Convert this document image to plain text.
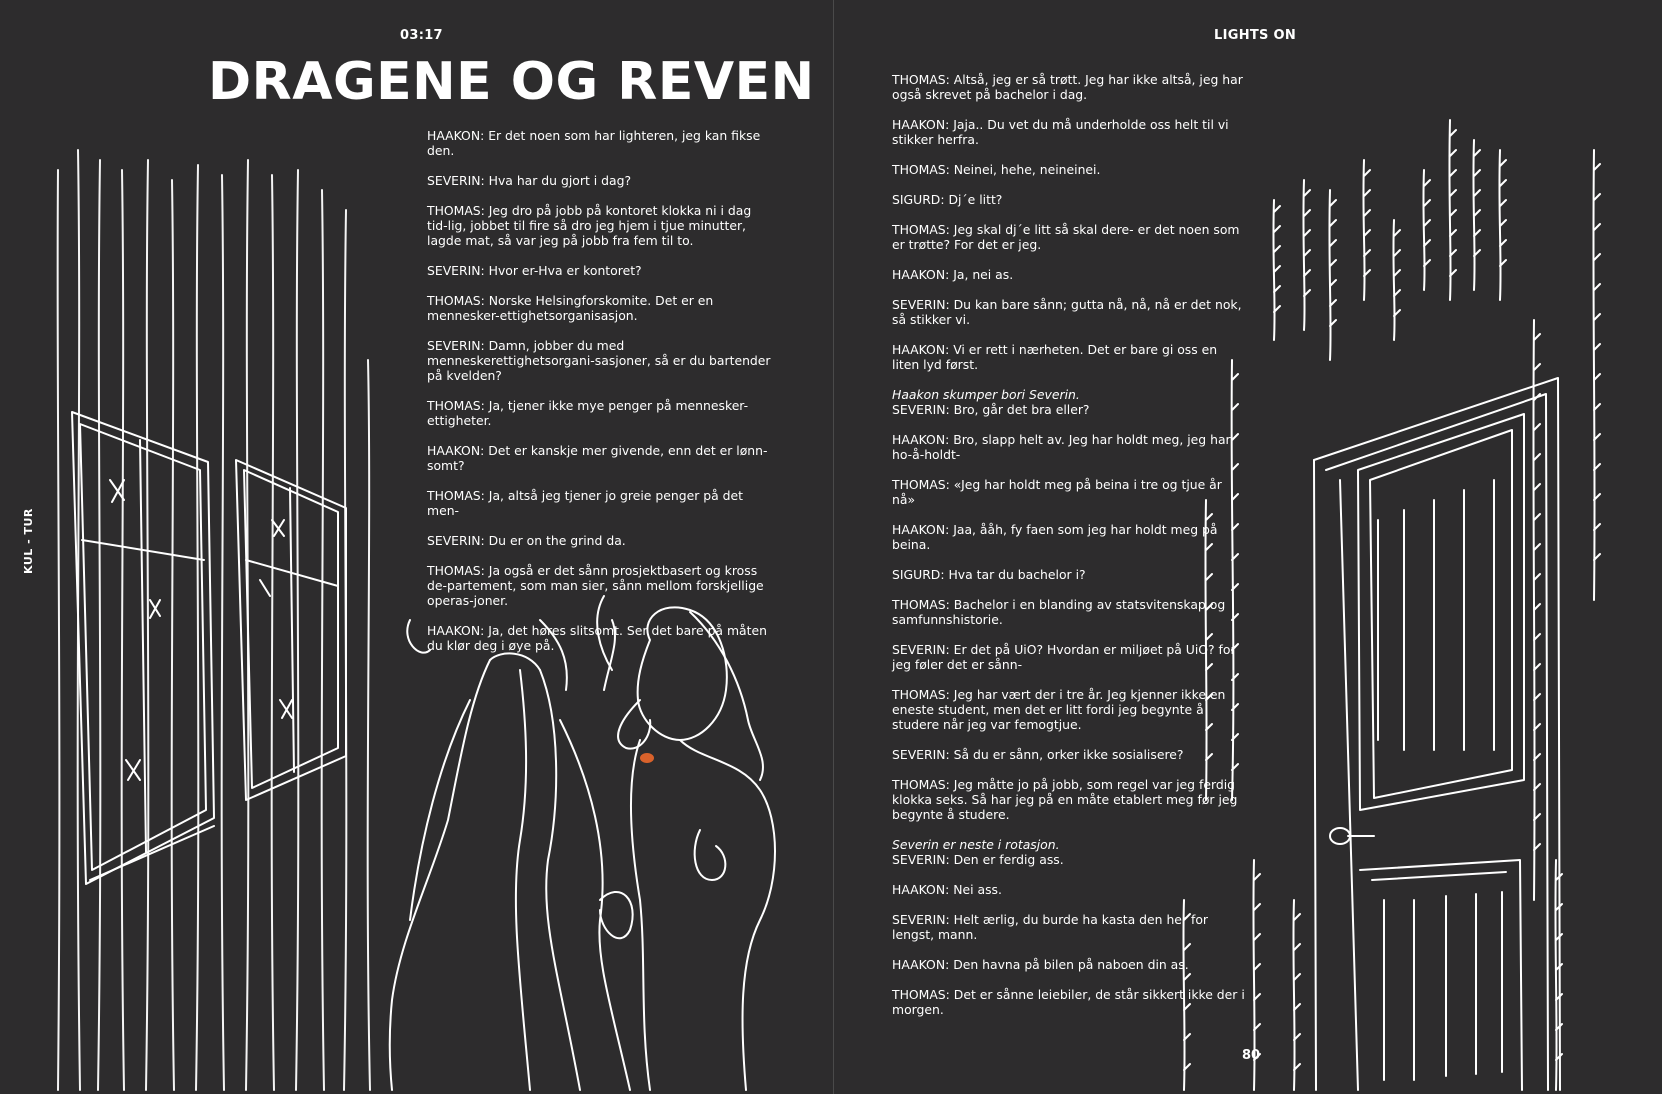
03:17
DRAGENE OG REVEN
KUL - TUR

HAAKON: Er det noen som har lighteren, jeg kan fikse den.

SEVERIN: Hva har du gjort i dag?

THOMAS: Jeg dro på jobb på kontoret klokka ni i dag tid-lig, jobbet til fire så dro jeg hjem i tjue minutter, lagde mat, så var jeg på jobb fra fem til to.

SEVERIN: Hvor er-Hva er kontoret?

THOMAS: Norske Helsingforskomite. Det er en mennesker-ettighetsorganisasjon.

SEVERIN: Damn, jobber du med menneskerettighetsorgani-sasjoner, så er du bartender på kvelden?

THOMAS: Ja, tjener ikke mye penger på mennesker-ettigheter.

HAAKON: Det er kanskje mer givende, enn det er lønn-somt?

THOMAS: Ja, altså jeg tjener jo greie penger på det men-

SEVERIN: Du er on the grind da.

THOMAS: Ja også er det sånn prosjektbasert og kross de-partement, som man sier, sånn mellom forskjellige operas-joner.

HAAKON: Ja, det høres slitsomt. Ser det bare på måten du klør deg i øye på.

LIGHTS ON

THOMAS: Altså, jeg er så trøtt. Jeg har ikke altså, jeg har også skrevet på bachelor i dag.

HAAKON: Jaja.. Du vet du må underholde oss helt til vi stikker herfra.

THOMAS: Neinei, hehe, neineinei.

SIGURD: Dj´e litt?

THOMAS: Jeg skal dj´e litt så skal dere- er det noen som er trøtte? For det er jeg.

HAAKON: Ja, nei as.

SEVERIN: Du kan bare sånn; gutta nå, nå, nå er det nok, så stikker vi.

HAAKON: Vi er rett i nærheten. Det er bare gi oss en liten lyd først.

Haakon skumper bori Severin.
SEVERIN: Bro, går det bra eller?

HAAKON: Bro, slapp helt av. Jeg har holdt meg, jeg har ho-å-holdt-

THOMAS: «Jeg har holdt meg på beina i tre og tjue år nå»

HAAKON: Jaa, ååh, fy faen som jeg har holdt meg på beina.

SIGURD: Hva tar du bachelor i?

THOMAS: Bachelor i en blanding av statsvitenskap og samfunnshistorie.

SEVERIN: Er det på UiO? Hvordan er miljøet på UiO? for jeg føler det er sånn-

THOMAS: Jeg har vært der i tre år. Jeg kjenner ikke en eneste student, men det er litt fordi jeg begynte å studere når jeg var femogtjue.

SEVERIN: Så du er sånn, orker ikke sosialisere?

THOMAS: Jeg måtte jo på jobb, som regel var jeg ferdig klokka seks. Så har jeg på en måte etablert meg før jeg begynte å studere.

Severin er neste i rotasjon.
SEVERIN: Den er ferdig ass.

HAAKON: Nei ass.

SEVERIN: Helt ærlig, du burde ha kasta den her for lengst, mann.

HAAKON: Den havna på bilen på naboen din as.

THOMAS: Det er sånne leiebiler, de står sikkert ikke der i morgen.

80
